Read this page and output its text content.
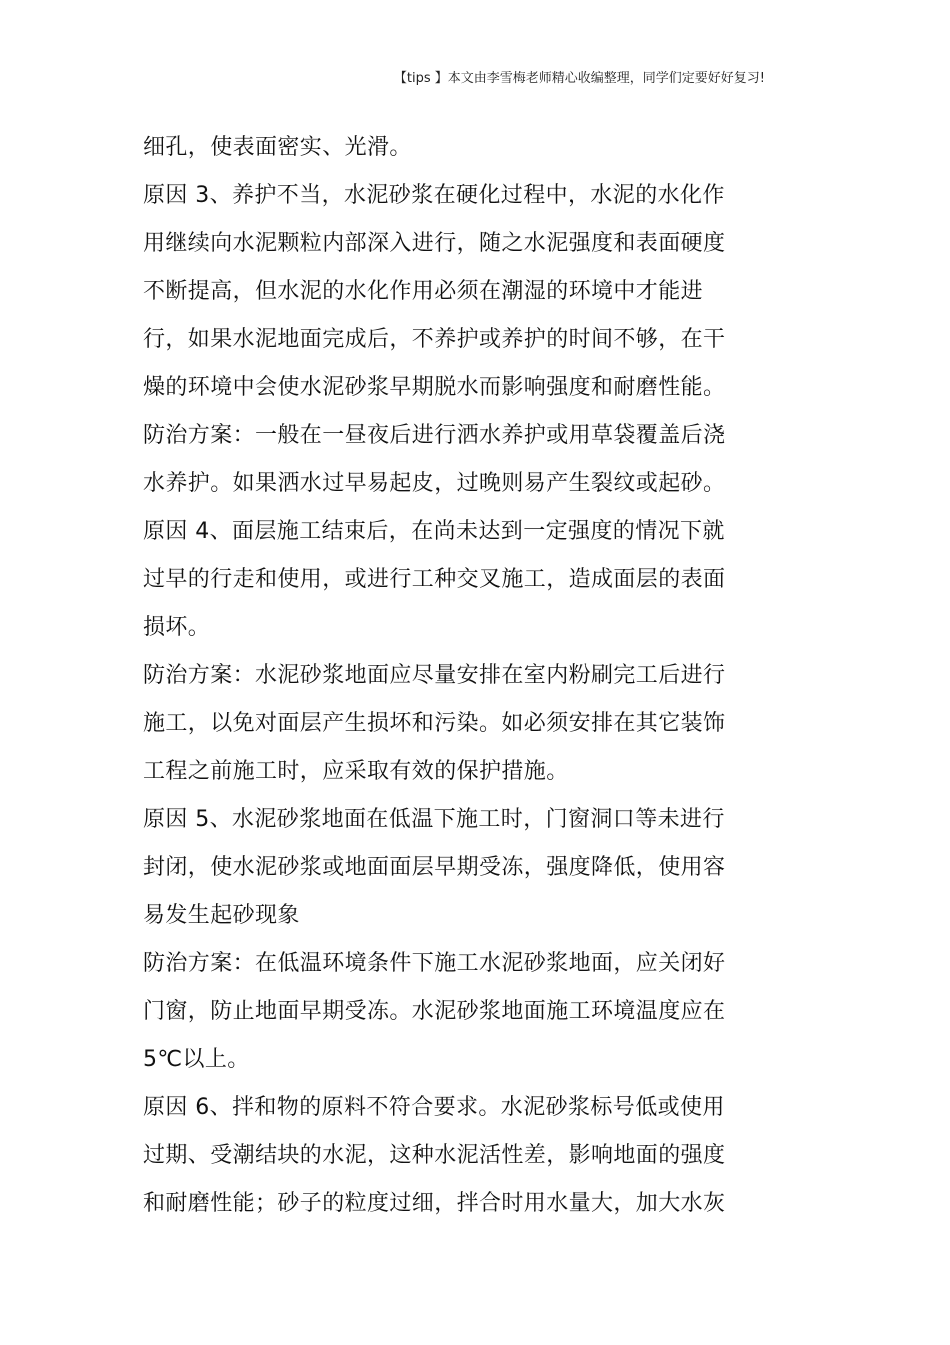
【tips 】本文由李雪梅老师精心收编整理，同学们定要好好复习!
细孔，使表面密实、光滑。
原因 3、养护不当，水泥砂浆在硬化过程中，水泥的水化作
用继续向水泥颗粒内部深入进行，随之水泥强度和表面硬度
不断提高，但水泥的水化作用必须在潮湿的环境中才能进
行，如果水泥地面完成后，不养护或养护的时间不够，在干
燥的环境中会使水泥砂浆早期脱水而影响强度和耐磨性能。
防治方案：一般在一昼夜后进行洒水养护或用草袋覆盖后浇
水养护。如果洒水过早易起皮，过晚则易产生裂纹或起砂。
原因 4、面层施工结束后，在尚未达到一定强度的情况下就
过早的行走和使用，或进行工种交叉施工，造成面层的表面
损坏。
防治方案：水泥砂浆地面应尽量安排在室内粉刷完工后进行
施工，以免对面层产生损坏和污染。如必须安排在其它装饰
工程之前施工时，应采取有效的保护措施。
原因 5、水泥砂浆地面在低温下施工时，门窗洞口等未进行
封闭，使水泥砂浆或地面面层早期受冻，强度降低，使用容
易发生起砂现象
防治方案：在低温环境条件下施工水泥砂浆地面，应关闭好
门窗，防止地面早期受冻。水泥砂浆地面施工环境温度应在
5℃以上。
原因 6、拌和物的原料不符合要求。水泥砂浆标号低或使用
过期、受潮结块的水泥，这种水泥活性差，影响地面的强度
和耐磨性能；砂子的粒度过细，拌合时用水量大，加大水灰
